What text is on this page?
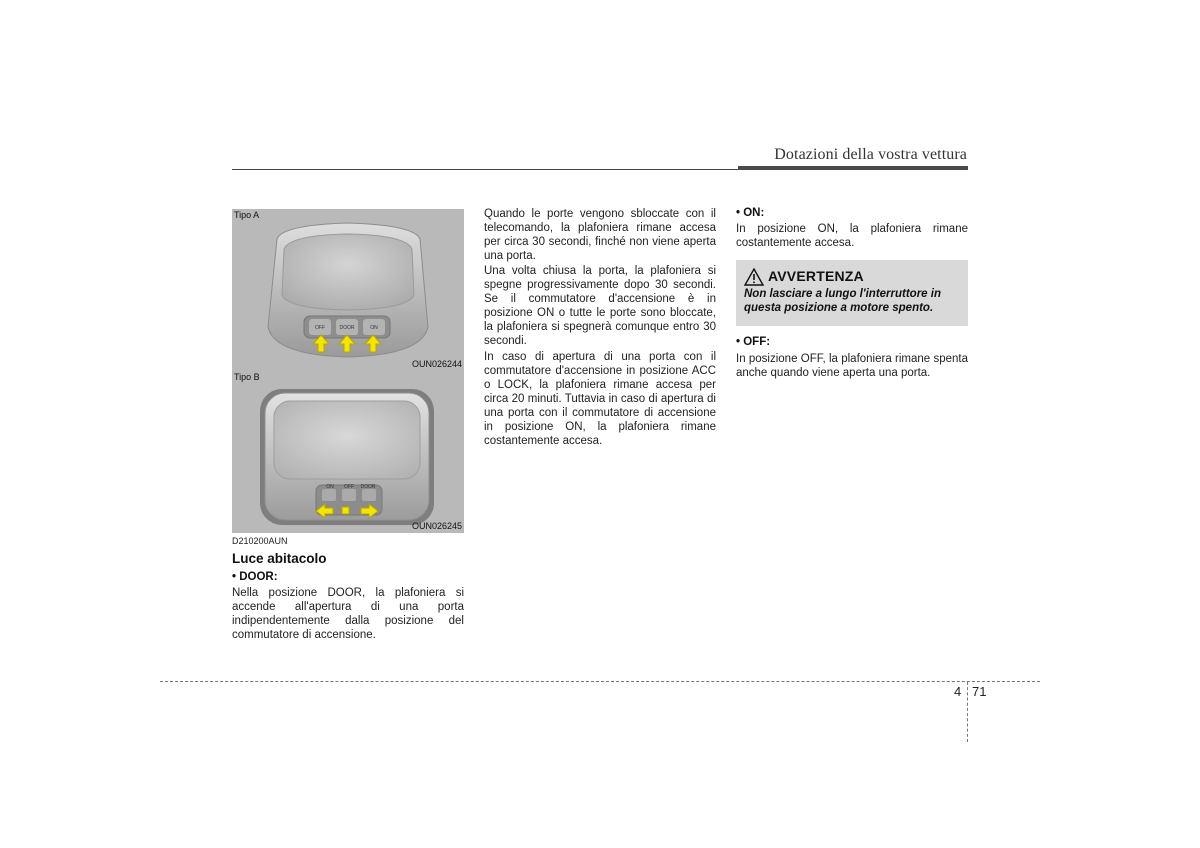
Dotazioni della vostra vettura
Tipo A
OFF	DOOR	ON
OUN026244
Tipo B
ON OFF DOOR
OUN026245
D210200AUN
Luce abitacolo
• DOOR:
Nella posizione DOOR, la plafoniera si accende all'apertura di una porta indipendentemente dalla posizione del commutatore di accensione.
Quando le porte vengono sbloccate con il telecomando, la plafoniera rimane accesa per circa 30 secondi, finché non viene aperta una porta.
Una volta chiusa la porta, la plafoniera si spegne progressivamente dopo 30 secondi. Se il commutatore d'accensione è in posizione ON o tutte le porte sono bloccate, la plafoniera si spegnerà comunque entro 30 secondi.
In caso di apertura di una porta con il commutatore d'accensione in posizione ACC o LOCK, la plafoniera rimane accesa per circa 20 minuti. Tuttavia in caso di apertura di una porta con il commutatore di accensione in posizione ON, la plafoniera rimane costantemente accesa.
• ON:
In posizione ON, la plafoniera rimane costantemente accesa.
AVVERTENZA
Non lasciare a lungo l'interruttore in questa posizione a motore spento.
• OFF:
In posizione OFF, la plafoniera rimane spenta anche quando viene aperta una porta.
4 71
